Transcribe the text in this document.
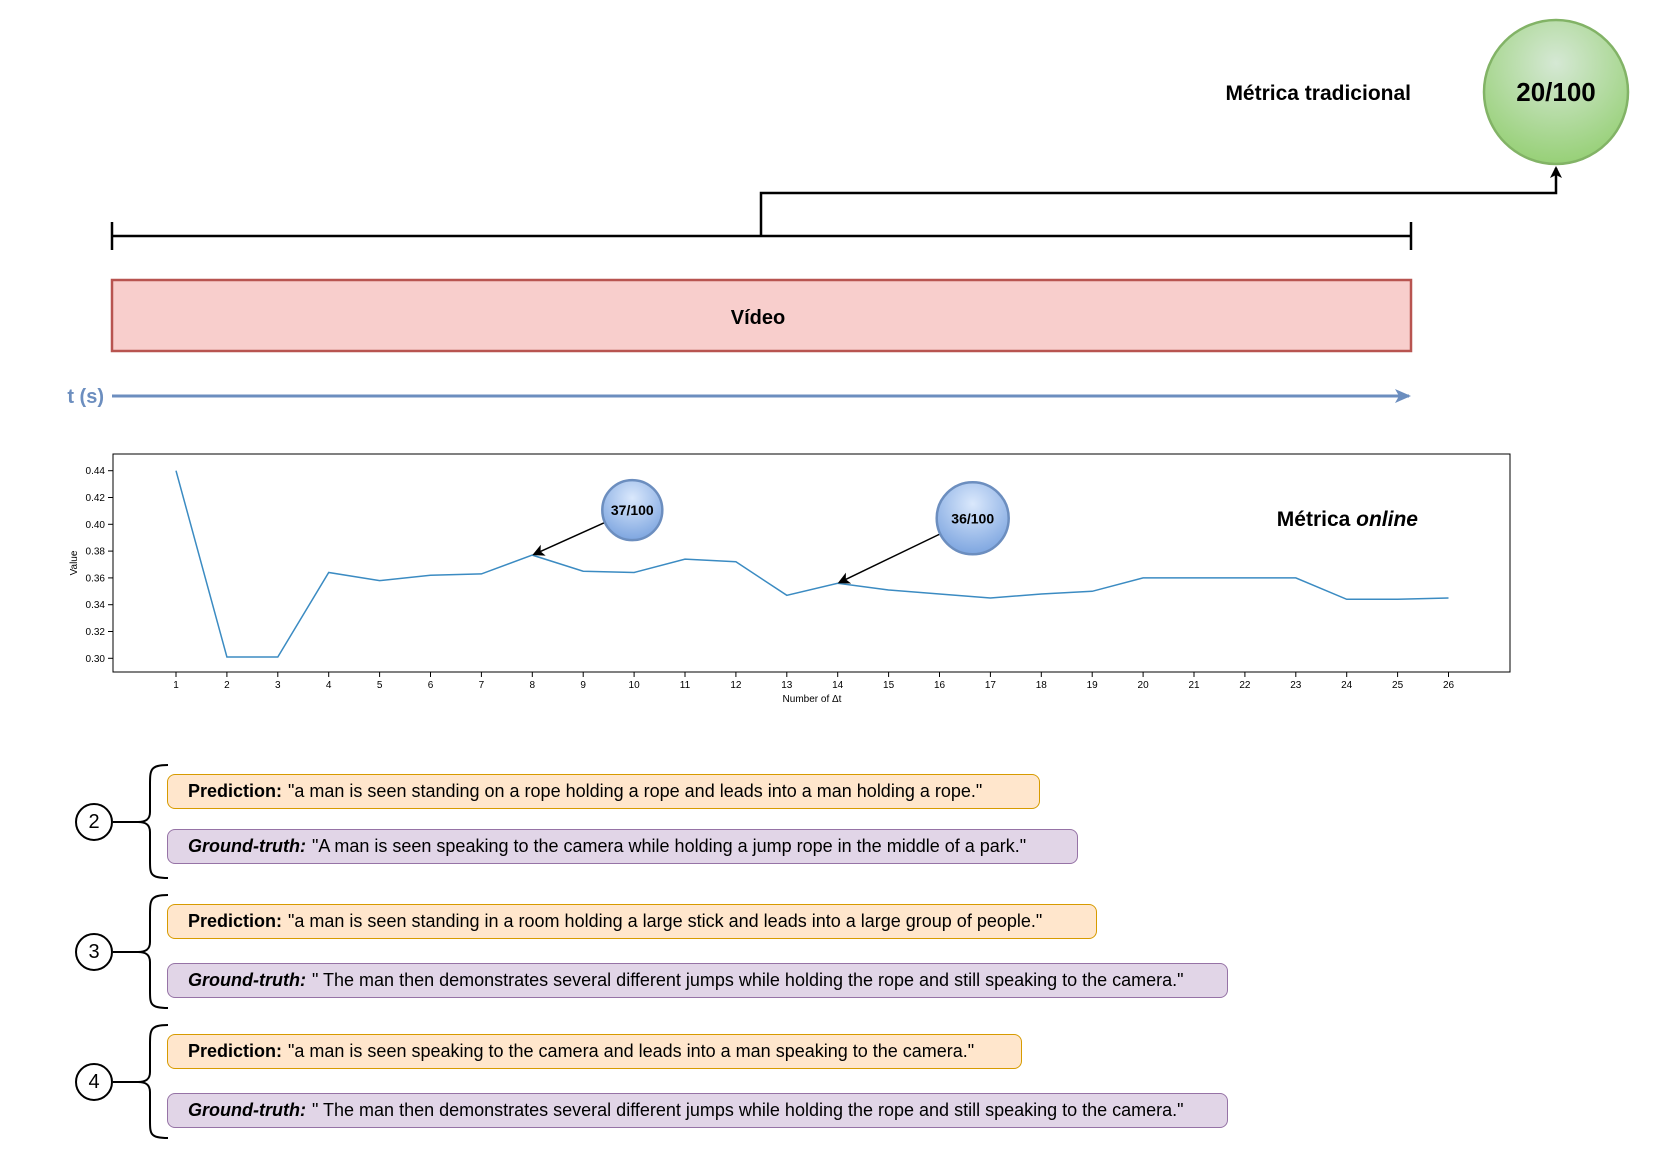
Métrica tradicional	20/100
Vídeo
t (s)
0.30
0.32
0.34
0.36
0.38
0.40
0.42
0.44
1	2	3	4	5	6	7	8	9	10	11	12	13	14	15	16	17	18	19	20	21	22	23	24	25	26
Value
Number of Δt
Métrica online
37/100
36/100
2
3
4
Prediction: "a man is seen standing on a rope holding a rope and leads into a man holding a rope."
Ground-truth: "A man is seen speaking to the camera while holding a jump rope in the middle of a park."
Prediction: "a man is seen standing in a room holding a large stick and leads into a large group of people."
Ground-truth: " The man then demonstrates several different jumps while holding the rope and still speaking to the camera."
Prediction: "a man is seen speaking to the camera and leads into a man speaking to the camera."
Ground-truth: " The man then demonstrates several different jumps while holding the rope and still speaking to the camera."
